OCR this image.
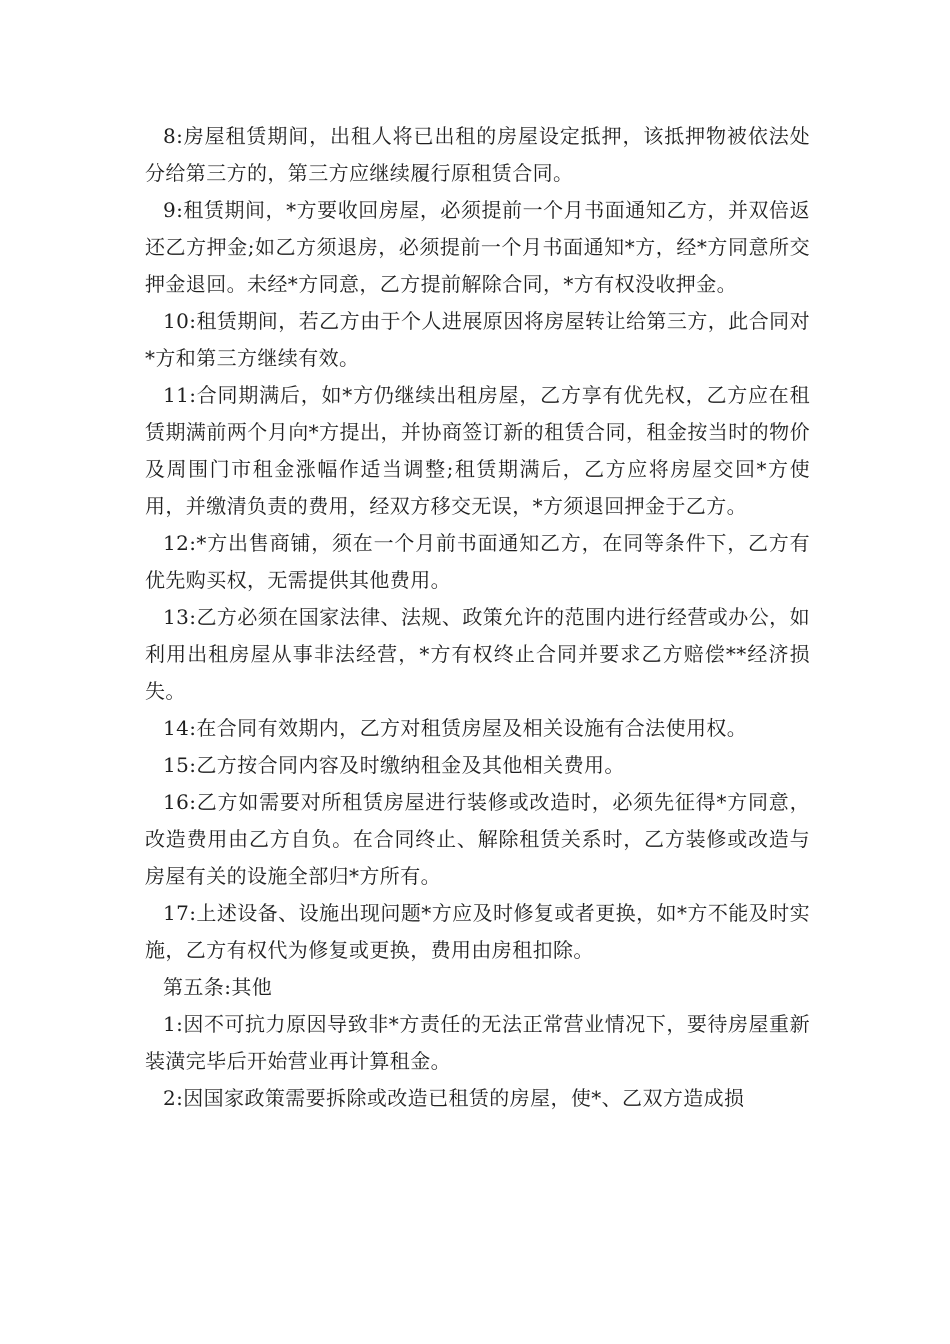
8:房屋租赁期间，出租人将已出租的房屋设定抵押，该抵押物被依法处分给第三方的，第三方应继续履行原租赁合同。

9:租赁期间，*方要收回房屋，必须提前一个月书面通知乙方，并双倍返还乙方押金;如乙方须退房，必须提前一个月书面通知*方，经*方同意所交押金退回。未经*方同意，乙方提前解除合同，*方有权没收押金。

10:租赁期间，若乙方由于个人进展原因将房屋转让给第三方，此合同对*方和第三方继续有效。

11:合同期满后，如*方仍继续出租房屋，乙方享有优先权，乙方应在租赁期满前两个月向*方提出，并协商签订新的租赁合同，租金按当时的物价及周围门市租金涨幅作适当调整;租赁期满后，乙方应将房屋交回*方使用，并缴清负责的费用，经双方移交无误，*方须退回押金于乙方。

12:*方出售商铺，须在一个月前书面通知乙方，在同等条件下，乙方有优先购买权，无需提供其他费用。

13:乙方必须在国家法律、法规、政策允许的范围内进行经营或办公，如利用出租房屋从事非法经营，*方有权终止合同并要求乙方赔偿**经济损失。

14:在合同有效期内，乙方对租赁房屋及相关设施有合法使用权。

15:乙方按合同内容及时缴纳租金及其他相关费用。

16:乙方如需要对所租赁房屋进行装修或改造时，必须先征得*方同意，改造费用由乙方自负。在合同终止、解除租赁关系时，乙方装修或改造与房屋有关的设施全部归*方所有。

17:上述设备、设施出现问题*方应及时修复或者更换，如*方不能及时实施，乙方有权代为修复或更换，费用由房租扣除。

第五条:其他

1:因不可抗力原因导致非*方责任的无法正常营业情况下，要待房屋重新装潢完毕后开始营业再计算租金。

2:因国家政策需要拆除或改造已租赁的房屋，使*、乙双方造成损
